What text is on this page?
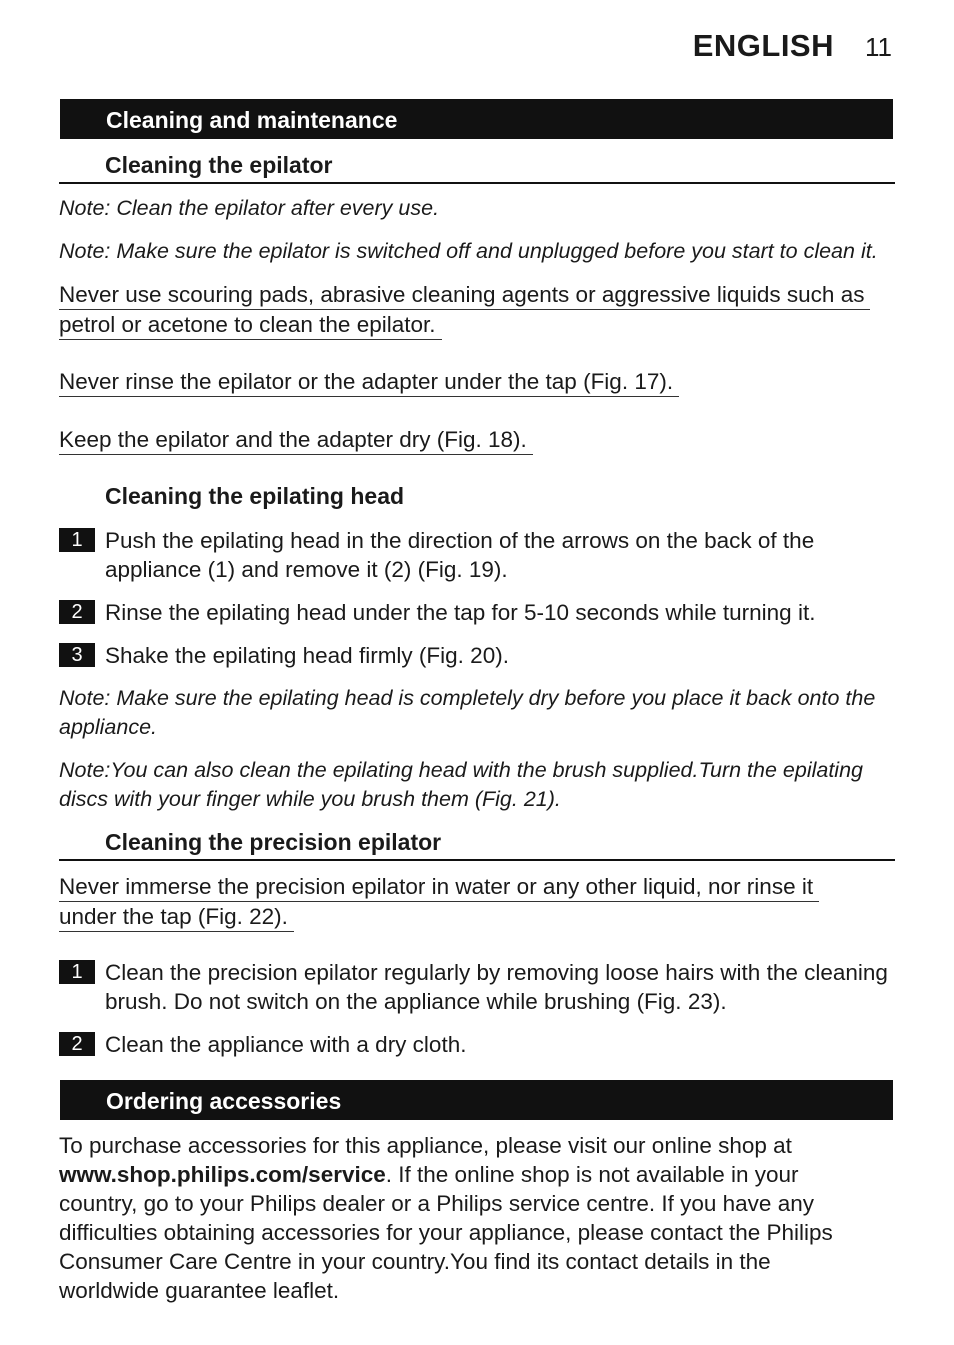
ENGLISH 11
Cleaning and maintenance
Cleaning the epilator
Note: Clean the epilator after every use.
Note: Make sure the epilator is switched off and unplugged before you start to clean it.
Never use scouring pads, abrasive cleaning agents or aggressive liquids such as
petrol or acetone to clean the epilator.
Never rinse the epilator or the adapter under the tap (Fig. 17).
Keep the epilator and the adapter dry (Fig. 18).
Cleaning the epilating head
1 Push the epilating head in the direction of the arrows on the back of the appliance (1) and remove it (2) (Fig. 19).
2 Rinse the epilating head under the tap for 5-10 seconds while turning it.
3 Shake the epilating head firmly (Fig. 20).
Note: Make sure the epilating head is completely dry before you place it back onto the appliance.
Note:You can also clean the epilating head with the brush supplied.Turn the epilating discs with your finger while you brush them (Fig. 21).
Cleaning the precision epilator
Never immerse the precision epilator in water or any other liquid, nor rinse it
under the tap (Fig. 22).
1 Clean the precision epilator regularly by removing loose hairs with the cleaning brush. Do not switch on the appliance while brushing (Fig. 23).
2 Clean the appliance with a dry cloth.
Ordering accessories
To purchase accessories for this appliance, please visit our online shop at www.shop.philips.com/service. If the online shop is not available in your country, go to your Philips dealer or a Philips service centre. If you have any difficulties obtaining accessories for your appliance, please contact the Philips Consumer Care Centre in your country.You find its contact details in the worldwide guarantee leaflet.
